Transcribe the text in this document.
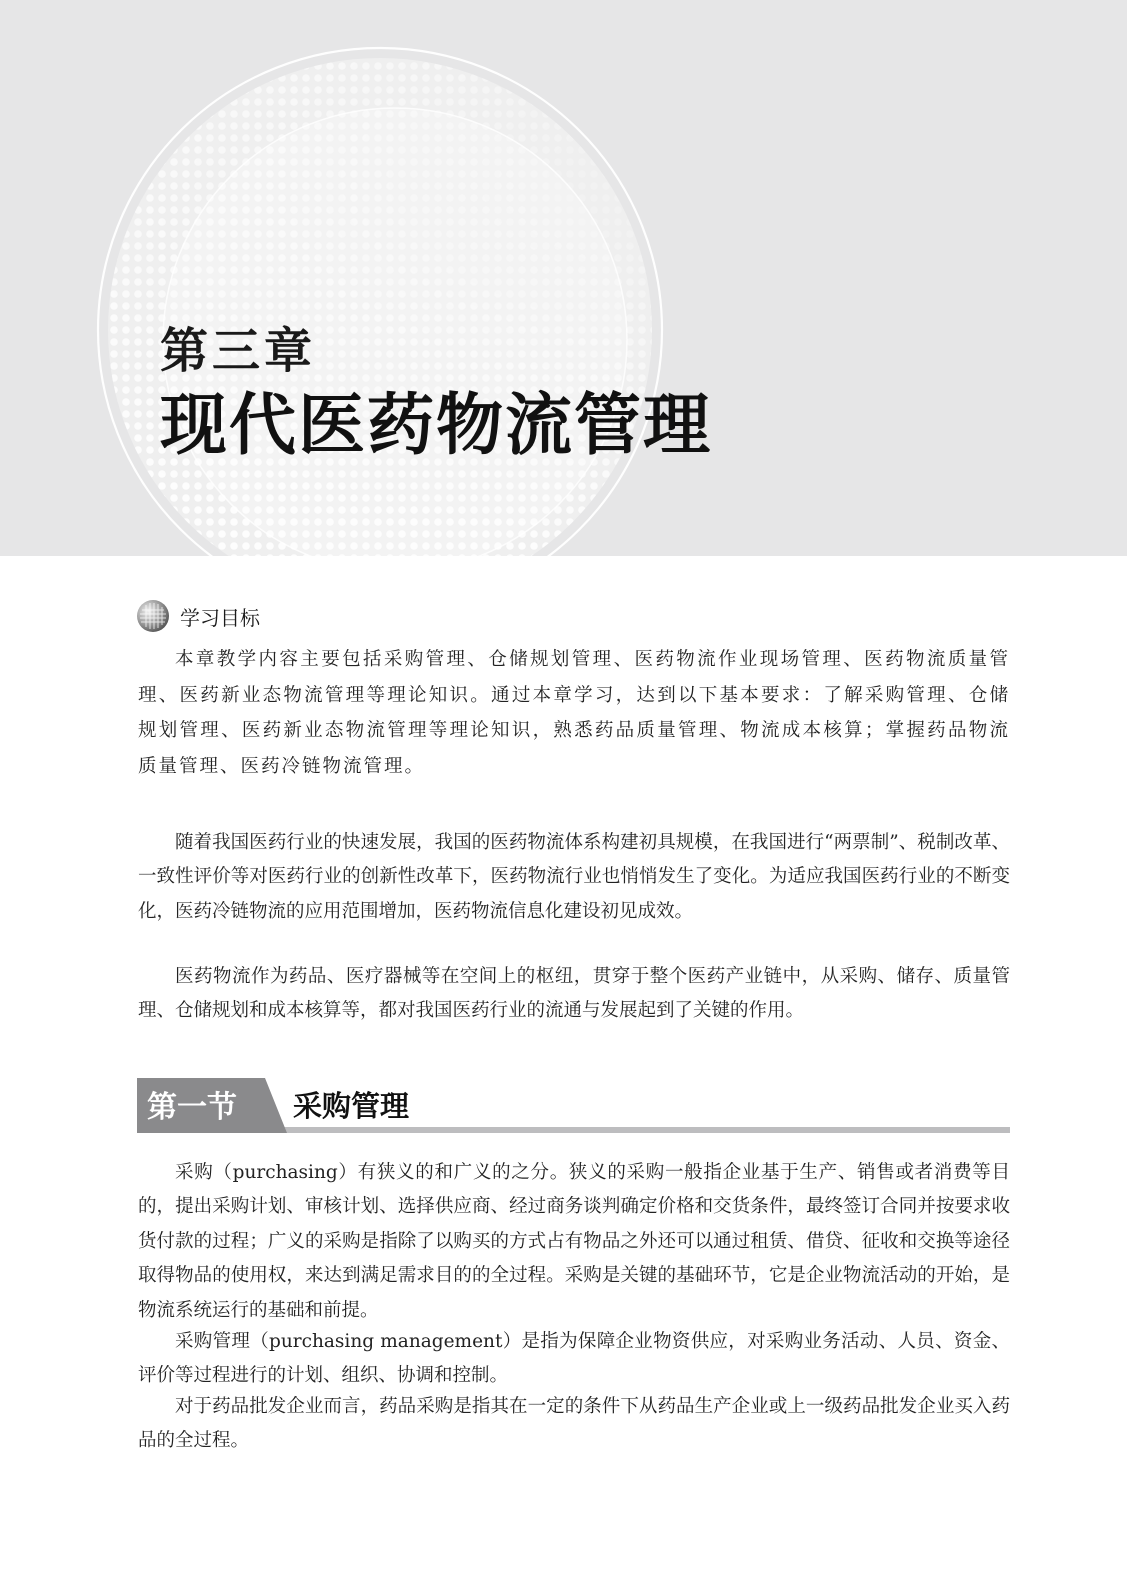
第三章
现代医药物流管理
学习目标

本章教学内容主要包括采购管理、仓储规划管理、医药物流作业现场管理、医药物流质量管理、医药新业态物流管理等理论知识。通过本章学习，达到以下基本要求：了解采购管理、仓储规划管理、医药新业态物流管理等理论知识，熟悉药品质量管理、物流成本核算；掌握药品物流质量管理、医药冷链物流管理。

随着我国医药行业的快速发展，我国的医药物流体系构建初具规模，在我国进行“两票制”、税制改革、一致性评价等对医药行业的创新性改革下，医药物流行业也悄悄发生了变化。为适应我国医药行业的不断变化，医药冷链物流的应用范围增加，医药物流信息化建设初见成效。

医药物流作为药品、医疗器械等在空间上的枢纽，贯穿于整个医药产业链中，从采购、储存、质量管理、仓储规划和成本核算等，都对我国医药行业的流通与发展起到了关键的作用。

第一节 采购管理

采购（purchasing）有狭义的和广义的之分。狭义的采购一般指企业基于生产、销售或者消费等目的，提出采购计划、审核计划、选择供应商、经过商务谈判确定价格和交货条件，最终签订合同并按要求收货付款的过程；广义的采购是指除了以购买的方式占有物品之外还可以通过租赁、借贷、征收和交换等途径取得物品的使用权，来达到满足需求目的的全过程。采购是关键的基础环节，它是企业物流活动的开始，是物流系统运行的基础和前提。

采购管理（purchasing management）是指为保障企业物资供应，对采购业务活动、人员、资金、评价等过程进行的计划、组织、协调和控制。

对于药品批发企业而言，药品采购是指其在一定的条件下从药品生产企业或上一级药品批发企业买入药品的全过程。
